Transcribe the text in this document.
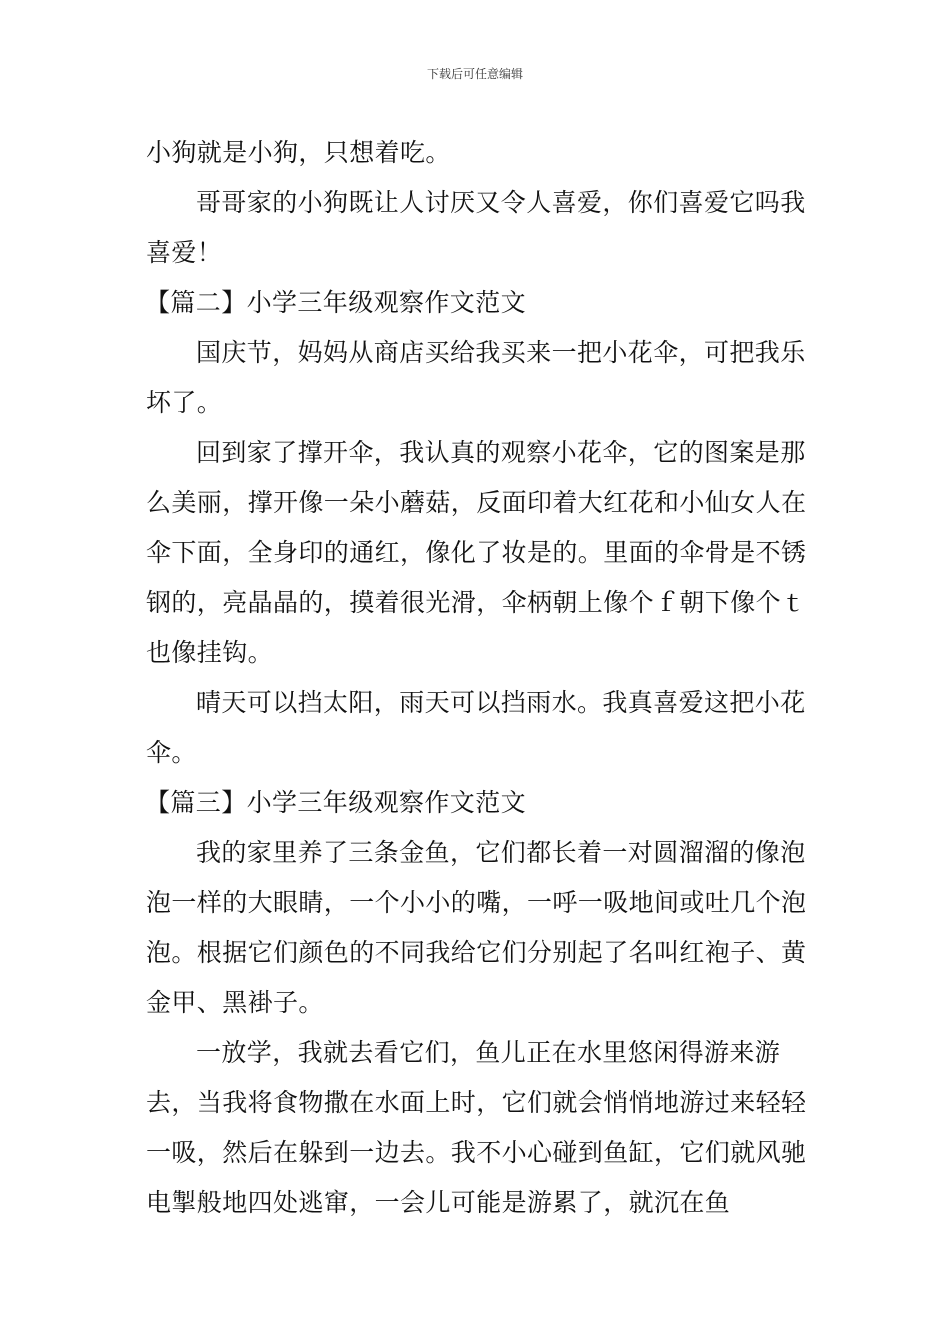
下载后可任意编辑

小狗就是小狗，只想着吃。

哥哥家的小狗既让人讨厌又令人喜爱，你们喜爱它吗我喜爱！

【篇二】小学三年级观察作文范文

国庆节，妈妈从商店买给我买来一把小花伞，可把我乐坏了。

回到家了撑开伞，我认真的观察小花伞，它的图案是那么美丽，撑开像一朵小蘑菇，反面印着大红花和小仙女人在伞下面，全身印的通红，像化了妆是的。里面的伞骨是不锈钢的，亮晶晶的，摸着很光滑，伞柄朝上像个ｆ朝下像个ｔ也像挂钩。

晴天可以挡太阳，雨天可以挡雨水。我真喜爱这把小花伞。

【篇三】小学三年级观察作文范文

我的家里养了三条金鱼，它们都长着一对圆溜溜的像泡泡一样的大眼睛，一个小小的嘴，一呼一吸地间或吐几个泡泡。根据它们颜色的不同我给它们分别起了名叫红袍子、黄金甲、黑褂子。

一放学，我就去看它们，鱼儿正在水里悠闲得游来游去，当我将食物撒在水面上时，它们就会悄悄地游过来轻轻一吸，然后在躲到一边去。我不小心碰到鱼缸，它们就风驰电掣般地四处逃窜，一会儿可能是游累了，就沉在鱼
